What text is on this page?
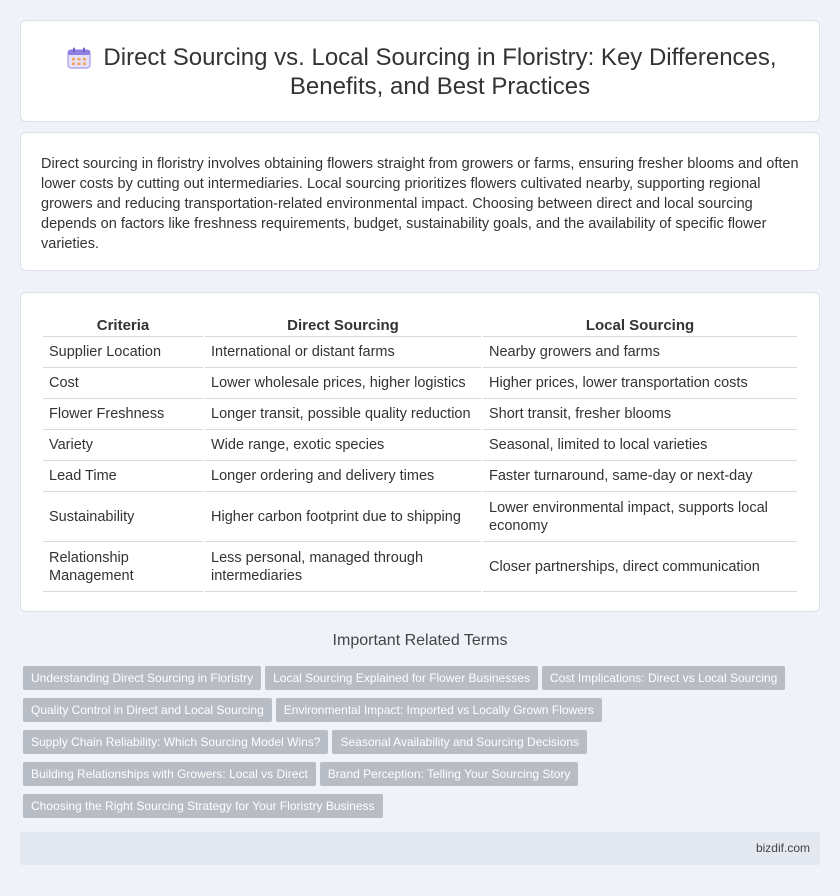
Direct Sourcing vs. Local Sourcing in Floristry: Key Differences, Benefits, and Best Practices

Direct sourcing in floristry involves obtaining flowers straight from growers or farms, ensuring fresher blooms and often lower costs by cutting out intermediaries. Local sourcing prioritizes flowers cultivated nearby, supporting regional growers and reducing transportation-related environmental impact. Choosing between direct and local sourcing depends on factors like freshness requirements, budget, sustainability goals, and the availability of specific flower varieties.

Criteria	Direct Sourcing	Local Sourcing
Supplier Location	International or distant farms	Nearby growers and farms
Cost	Lower wholesale prices, higher logistics	Higher prices, lower transportation costs
Flower Freshness	Longer transit, possible quality reduction	Short transit, fresher blooms
Variety	Wide range, exotic species	Seasonal, limited to local varieties
Lead Time	Longer ordering and delivery times	Faster turnaround, same-day or next-day
Sustainability	Higher carbon footprint due to shipping	Lower environmental impact, supports local economy
Relationship Management	Less personal, managed through intermediaries	Closer partnerships, direct communication
Important Related Terms
Understanding Direct Sourcing in Floristry Local Sourcing Explained for Flower Businesses Cost Implications: Direct vs Local SourcingQuality Control in Direct and Local Sourcing Environmental Impact: Imported vs Locally Grown FlowersSupply Chain Reliability: Which Sourcing Model Wins? Seasonal Availability and Sourcing DecisionsBuilding Relationships with Growers: Local vs Direct Brand Perception: Telling Your Sourcing StoryChoosing the Right Sourcing Strategy for Your Floristry Business
bizdif.com
